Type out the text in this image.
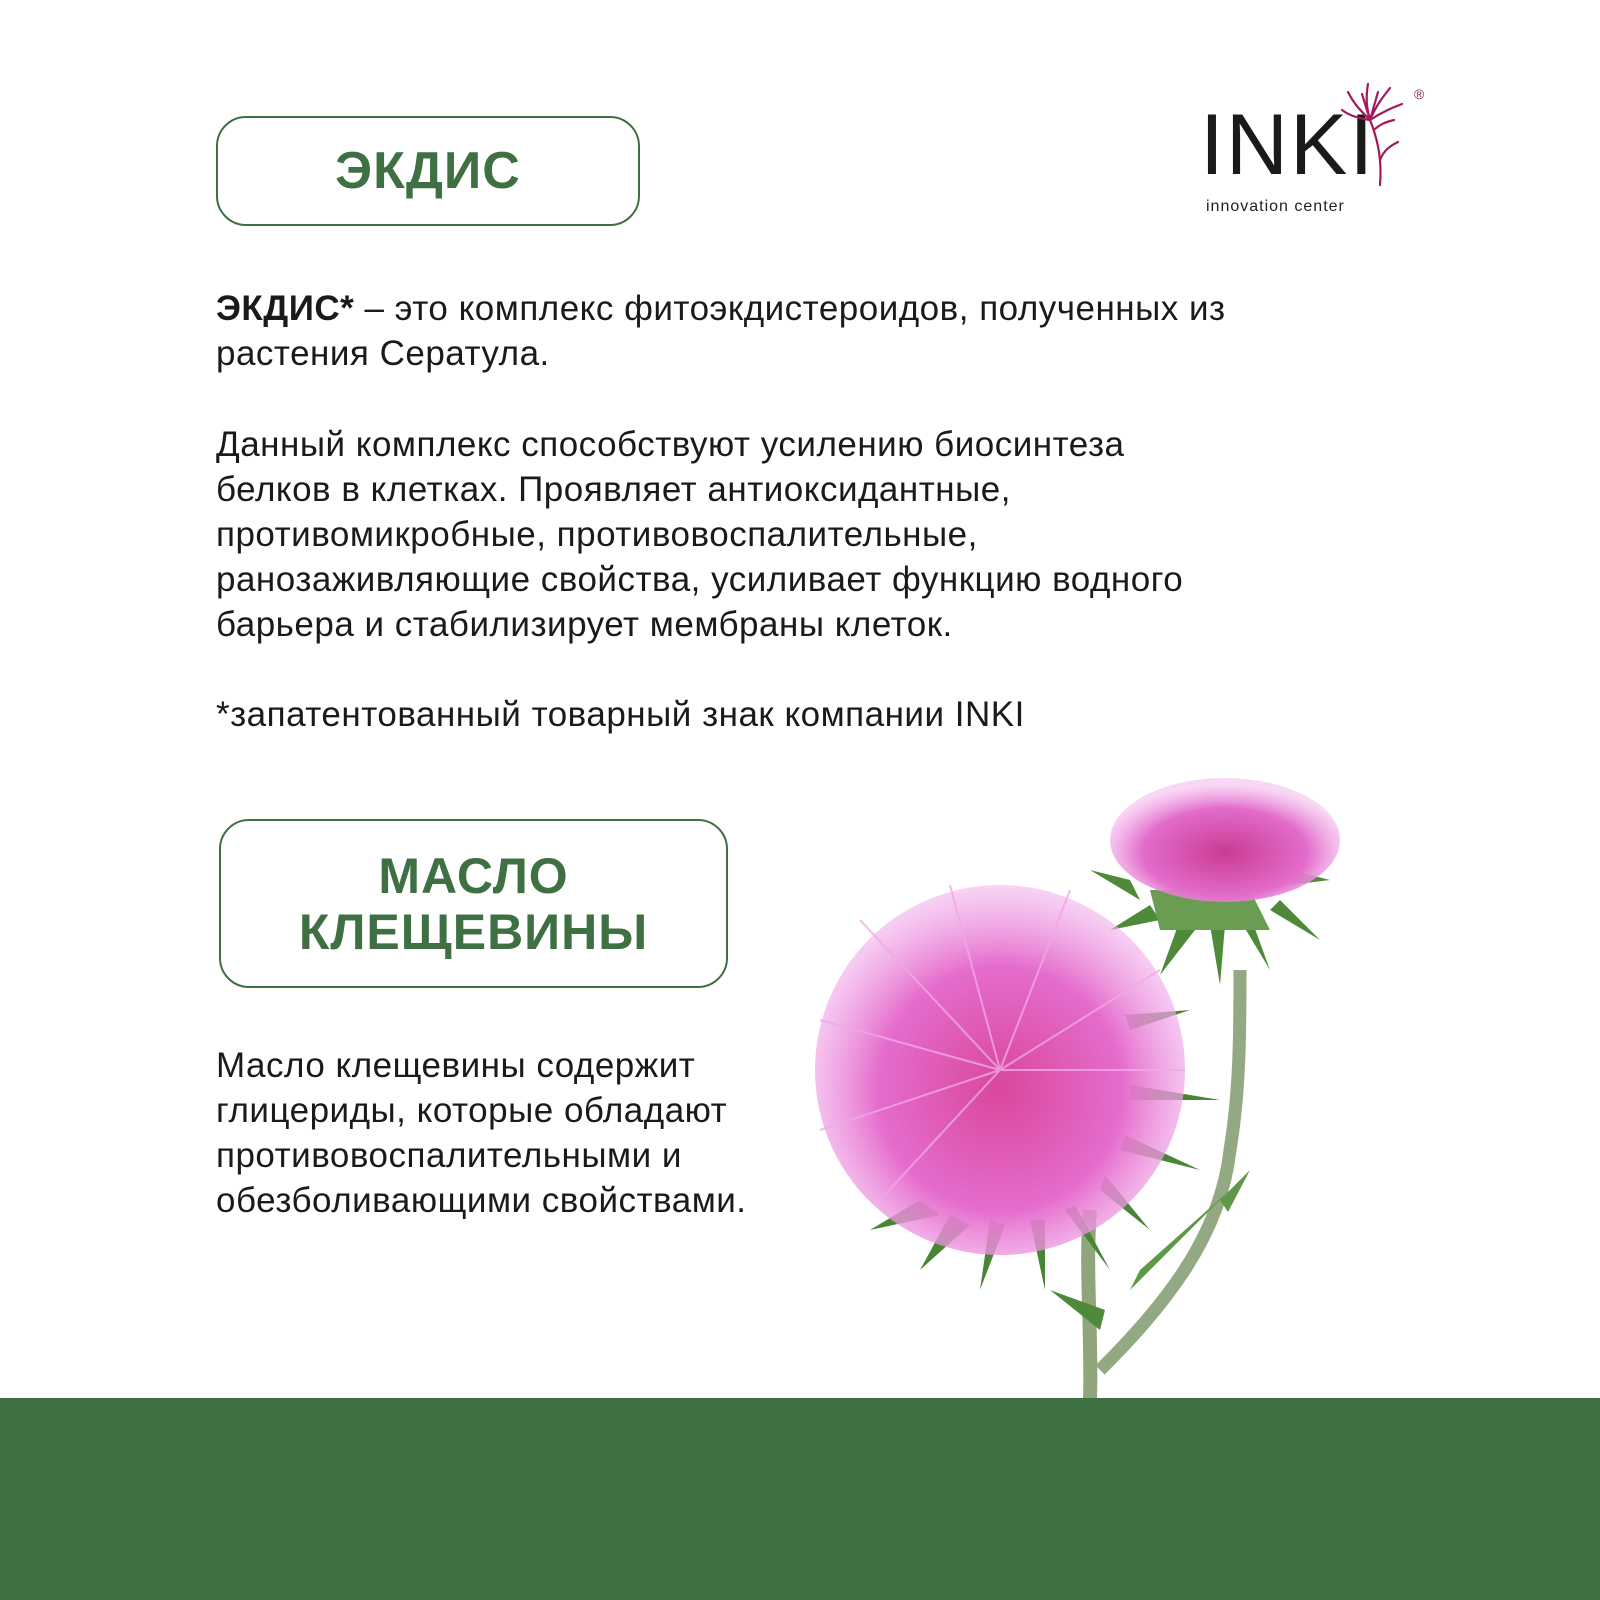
INKI
®
innovation center
ЭКДИС

ЭКДИС* – это комплекс фитоэкдистероидов, полученных из растения Сератула.

Данный комплекс способствуют усилению биосинтеза белков в клетках. Проявляет антиоксидантные, противомикробные, противовоспалительные, ранозаживляющие свойства, усиливает функцию водного барьера и стабилизирует мембраны клеток.

*запатентованный товарный знак компании INKI

МАСЛО
КЛЕЩЕВИНЫ

Масло клещевины содержит глицериды, которые обладают противовоспалительными и обезболивающими свойствами.
